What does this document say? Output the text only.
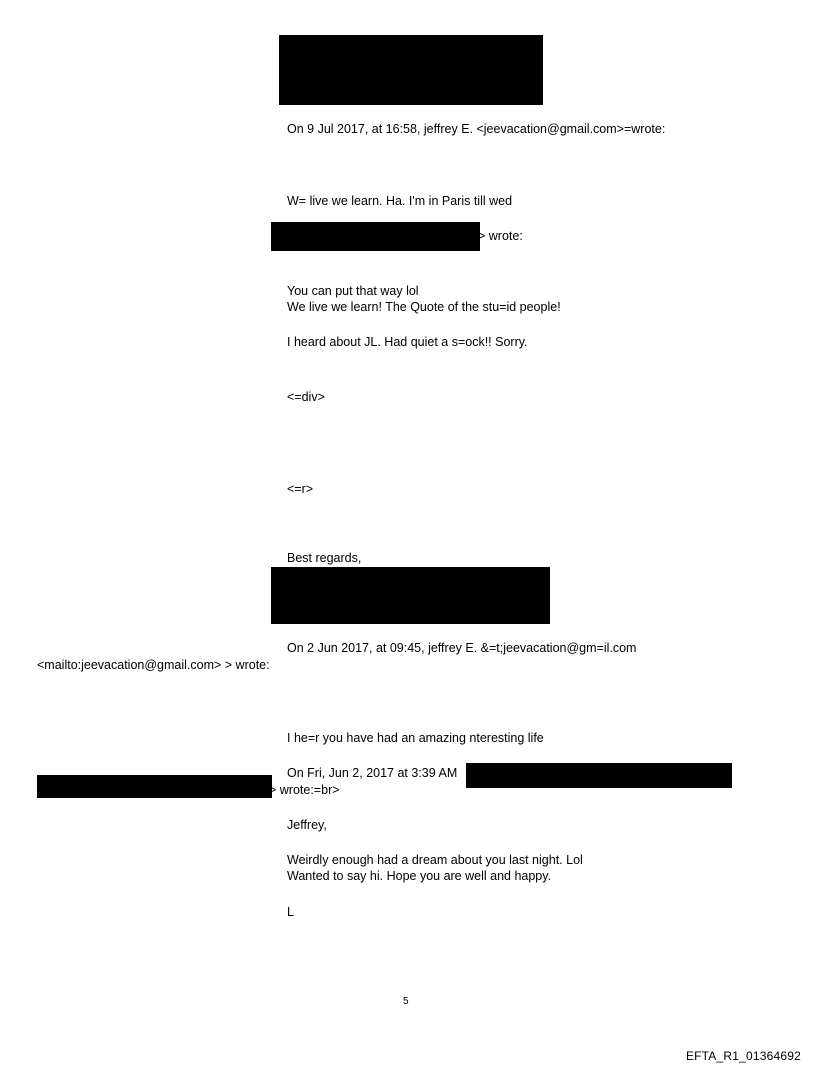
On 9 Jul 2017, at 16:58, jeffrey E. <jeevacation@gmail.com>=wrote:
W= live we learn. Ha. I'm in Paris till wed
> wrote:
You can put that way lol
We live we learn! The Quote of the stu=id people!
I heard about JL. Had quiet a s=ock!! Sorry.
<=div>
<=r>
Best regards,
On 2 Jun 2017, at 09:45, jeffrey E. &=t;jeevacation@gm=il.com
<mailto:jeevacation@gmail.com> > wrote:
I he=r you have had an amazing nteresting life
On Fri, Jun 2, 2017 at 3:39 AM
> wrote:=br>
Jeffrey,
Weirdly enough had a dream about you last night. Lol
Wanted to say hi. Hope you are well and happy.
L
5
EFTA_R1_01364692
